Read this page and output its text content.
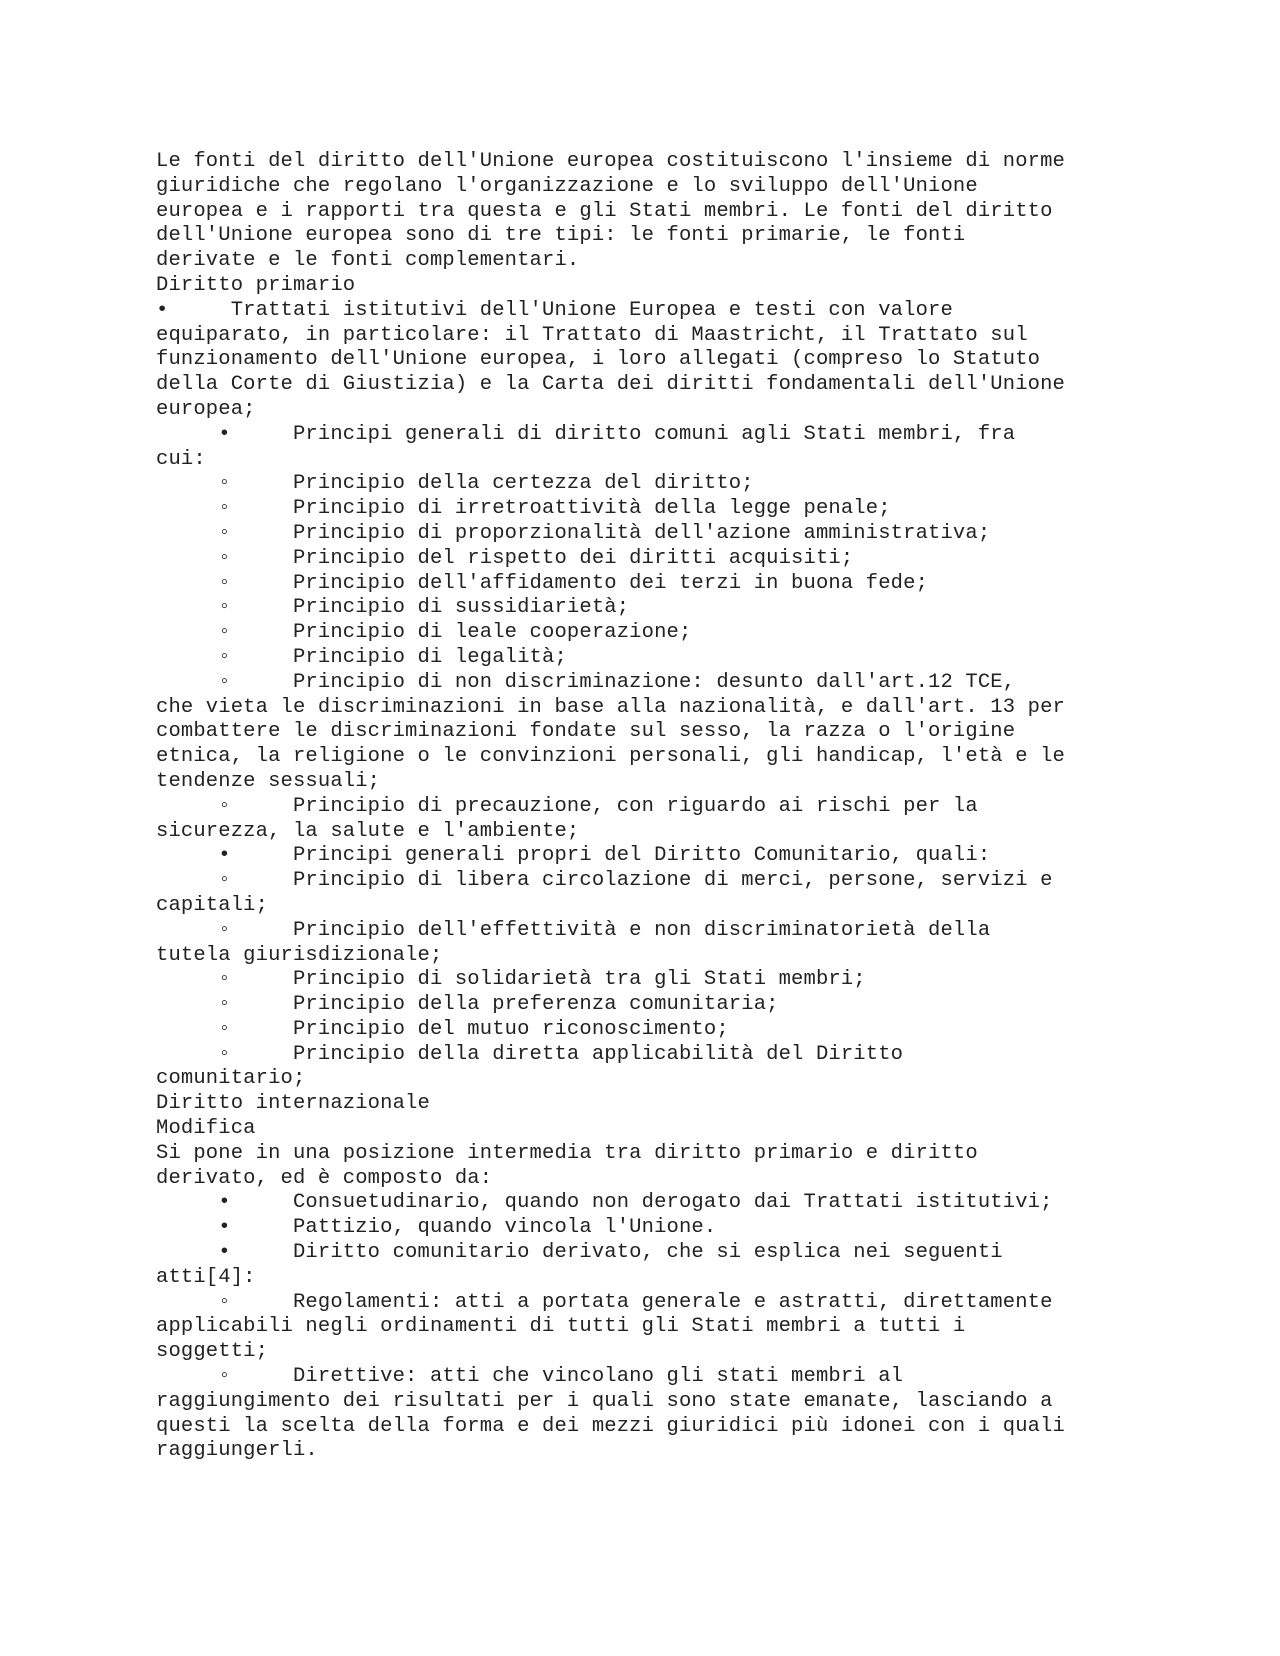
Le fonti del diritto dell'Unione europea costituiscono l'insieme di norme
giuridiche che regolano l'organizzazione e lo sviluppo dell'Unione
europea e i rapporti tra questa e gli Stati membri. Le fonti del diritto
dell'Unione europea sono di tre tipi: le fonti primarie, le fonti
derivate e le fonti complementari.
Diritto primario
•     Trattati istitutivi dell'Unione Europea e testi con valore
equiparato, in particolare: il Trattato di Maastricht, il Trattato sul
funzionamento dell'Unione europea, i loro allegati (compreso lo Statuto
della Corte di Giustizia) e la Carta dei diritti fondamentali dell'Unione
europea;
•     Principi generali di diritto comuni agli Stati membri, fra
cui:
◦     Principio della certezza del diritto;
◦     Principio di irretroattività della legge penale;
◦     Principio di proporzionalità dell'azione amministrativa;
◦     Principio del rispetto dei diritti acquisiti;
◦     Principio dell'affidamento dei terzi in buona fede;
◦     Principio di sussidiarietà;
◦     Principio di leale cooperazione;
◦     Principio di legalità;
◦     Principio di non discriminazione: desunto dall'art.12 TCE,
che vieta le discriminazioni in base alla nazionalità, e dall'art. 13 per
combattere le discriminazioni fondate sul sesso, la razza o l'origine
etnica, la religione o le convinzioni personali, gli handicap, l'età e le
tendenze sessuali;
◦     Principio di precauzione, con riguardo ai rischi per la
sicurezza, la salute e l'ambiente;
•     Principi generali propri del Diritto Comunitario, quali:
◦     Principio di libera circolazione di merci, persone, servizi e
capitali;
◦     Principio dell'effettività e non discriminatorietà della
tutela giurisdizionale;
◦     Principio di solidarietà tra gli Stati membri;
◦     Principio della preferenza comunitaria;
◦     Principio del mutuo riconoscimento;
◦     Principio della diretta applicabilità del Diritto
comunitario;
Diritto internazionale
Modifica
Si pone in una posizione intermedia tra diritto primario e diritto
derivato, ed è composto da:
•     Consuetudinario, quando non derogato dai Trattati istitutivi;
•     Pattizio, quando vincola l'Unione.
•     Diritto comunitario derivato, che si esplica nei seguenti
atti[4]:
◦     Regolamenti: atti a portata generale e astratti, direttamente
applicabili negli ordinamenti di tutti gli Stati membri a tutti i
soggetti;
◦     Direttive: atti che vincolano gli stati membri al
raggiungimento dei risultati per i quali sono state emanate, lasciando a
questi la scelta della forma e dei mezzi giuridici più idonei con i quali
raggiungerli.
